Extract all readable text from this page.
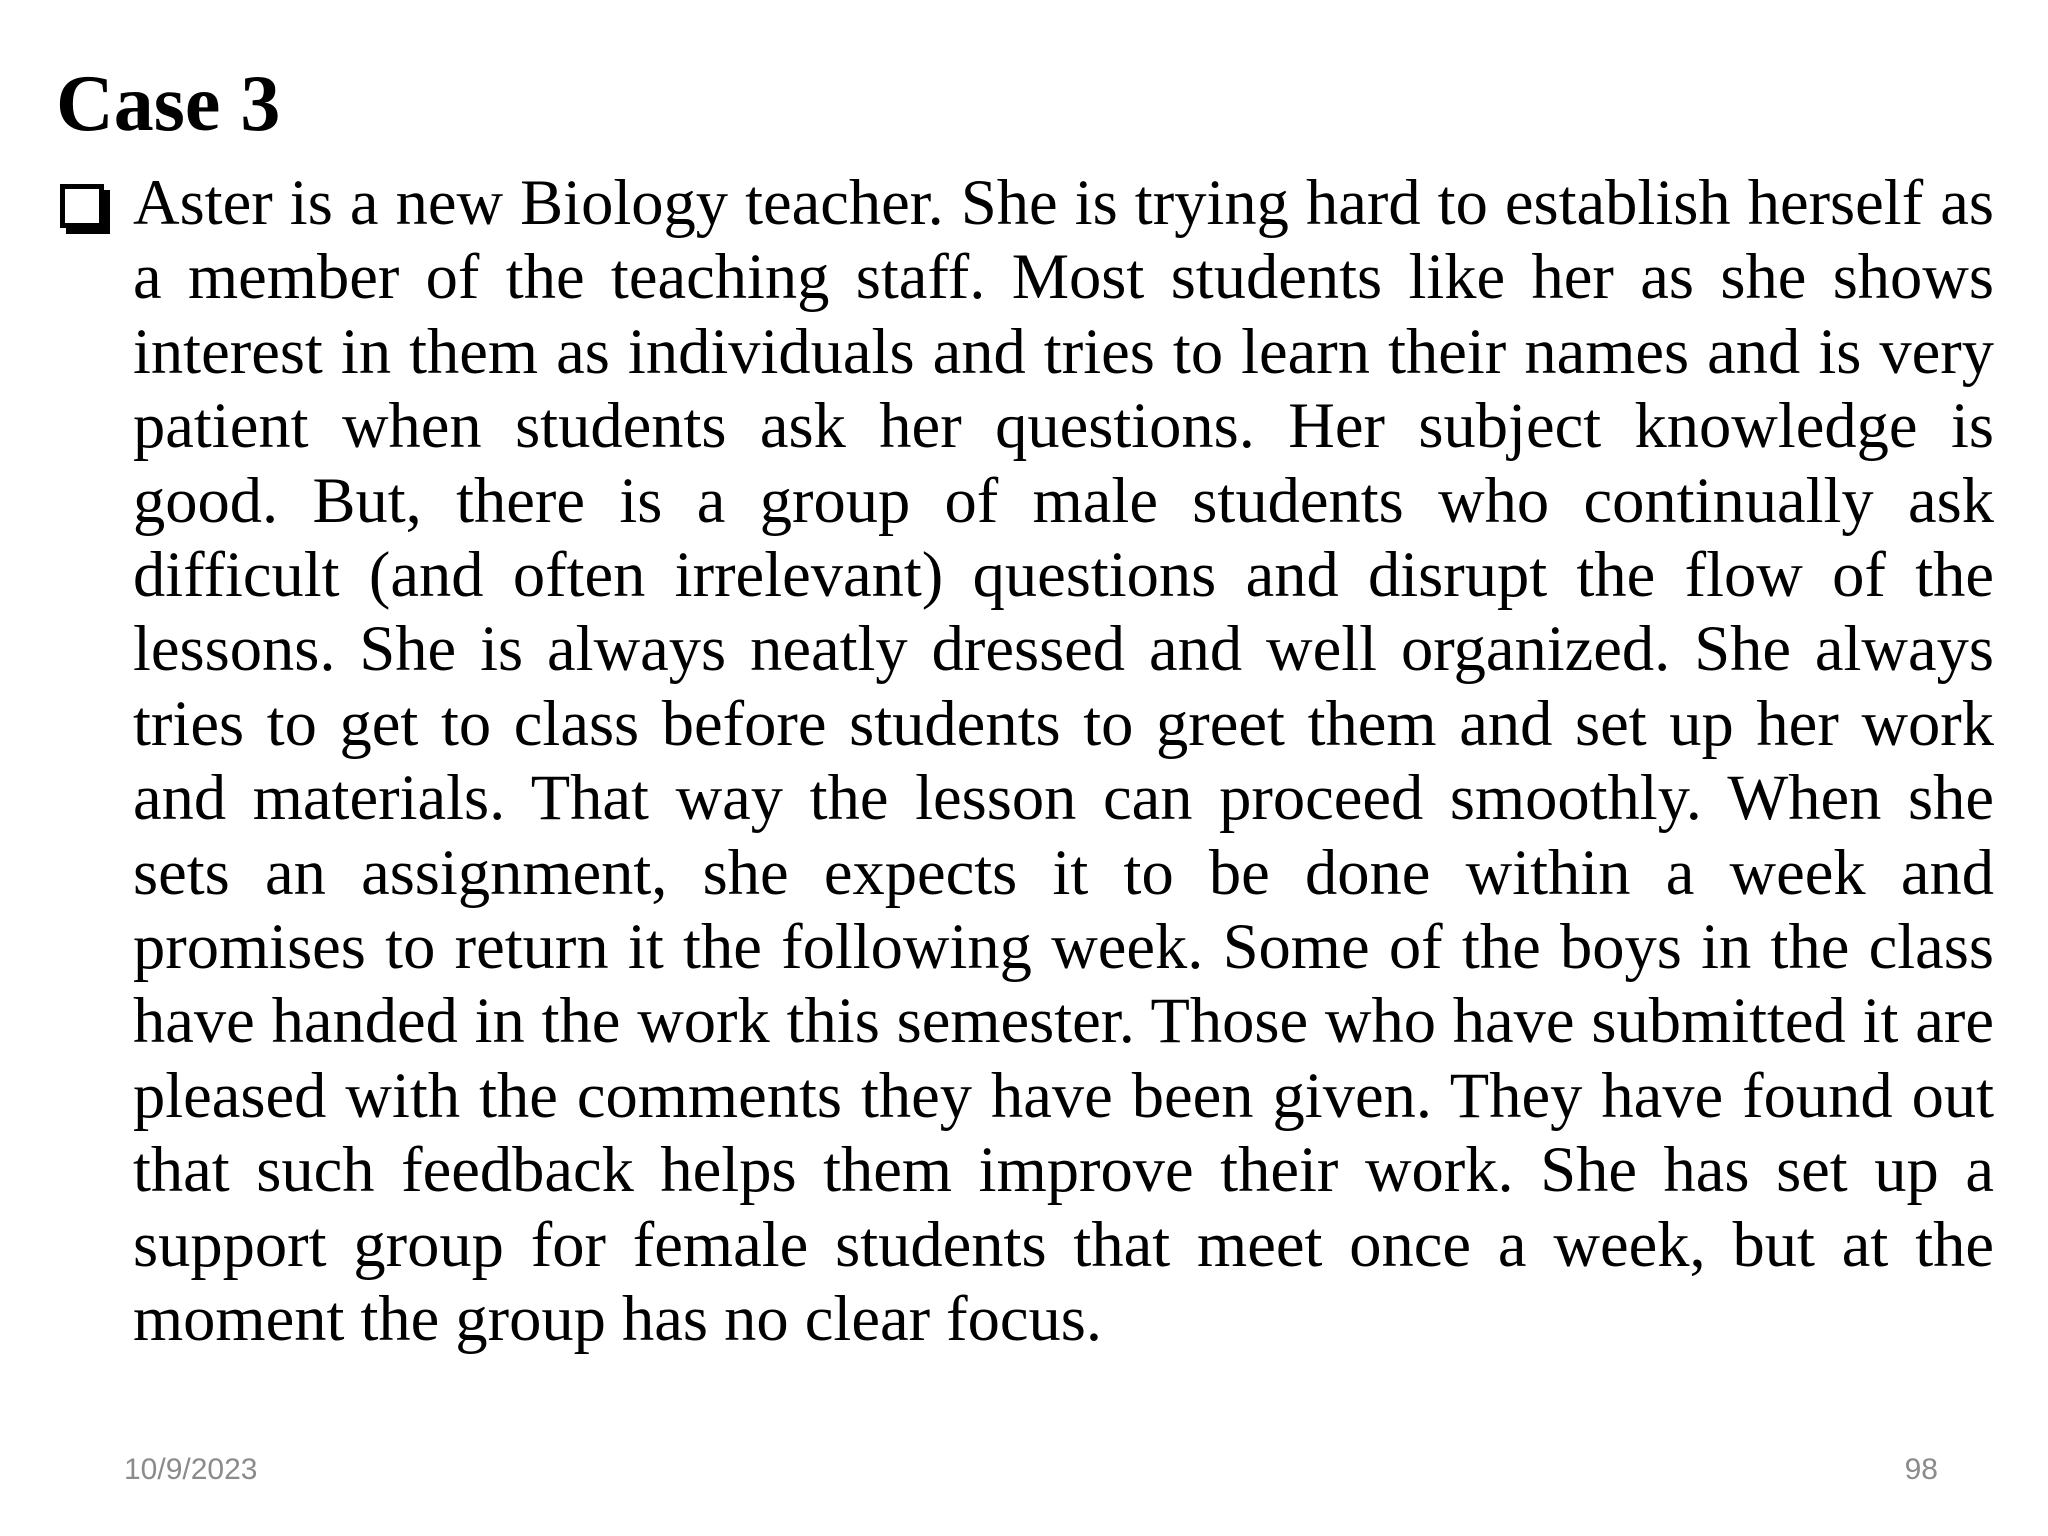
Case 3

Aster is a new Biology teacher. She is trying hard to establish herself as a member of the teaching staff. Most students like her as she shows interest in them as individuals and tries to learn their names and is very patient when students ask her questions. Her subject knowledge is good. But, there is a group of male students who continually ask difficult (and often irrelevant) questions and disrupt the flow of the lessons. She is always neatly dressed and well organized. She always tries to get to class before students to greet them and set up her work and materials. That way the lesson can proceed smoothly. When she sets an assignment, she expects it to be done within a week and promises to return it the following week. Some of the boys in the class have handed in the work this semester. Those who have submitted it are pleased with the comments they have been given. They have found out that such feedback helps them improve their work. She has set up a support group for female students that meet once a week, but at the moment the group has no clear focus.

10/9/2023	98
